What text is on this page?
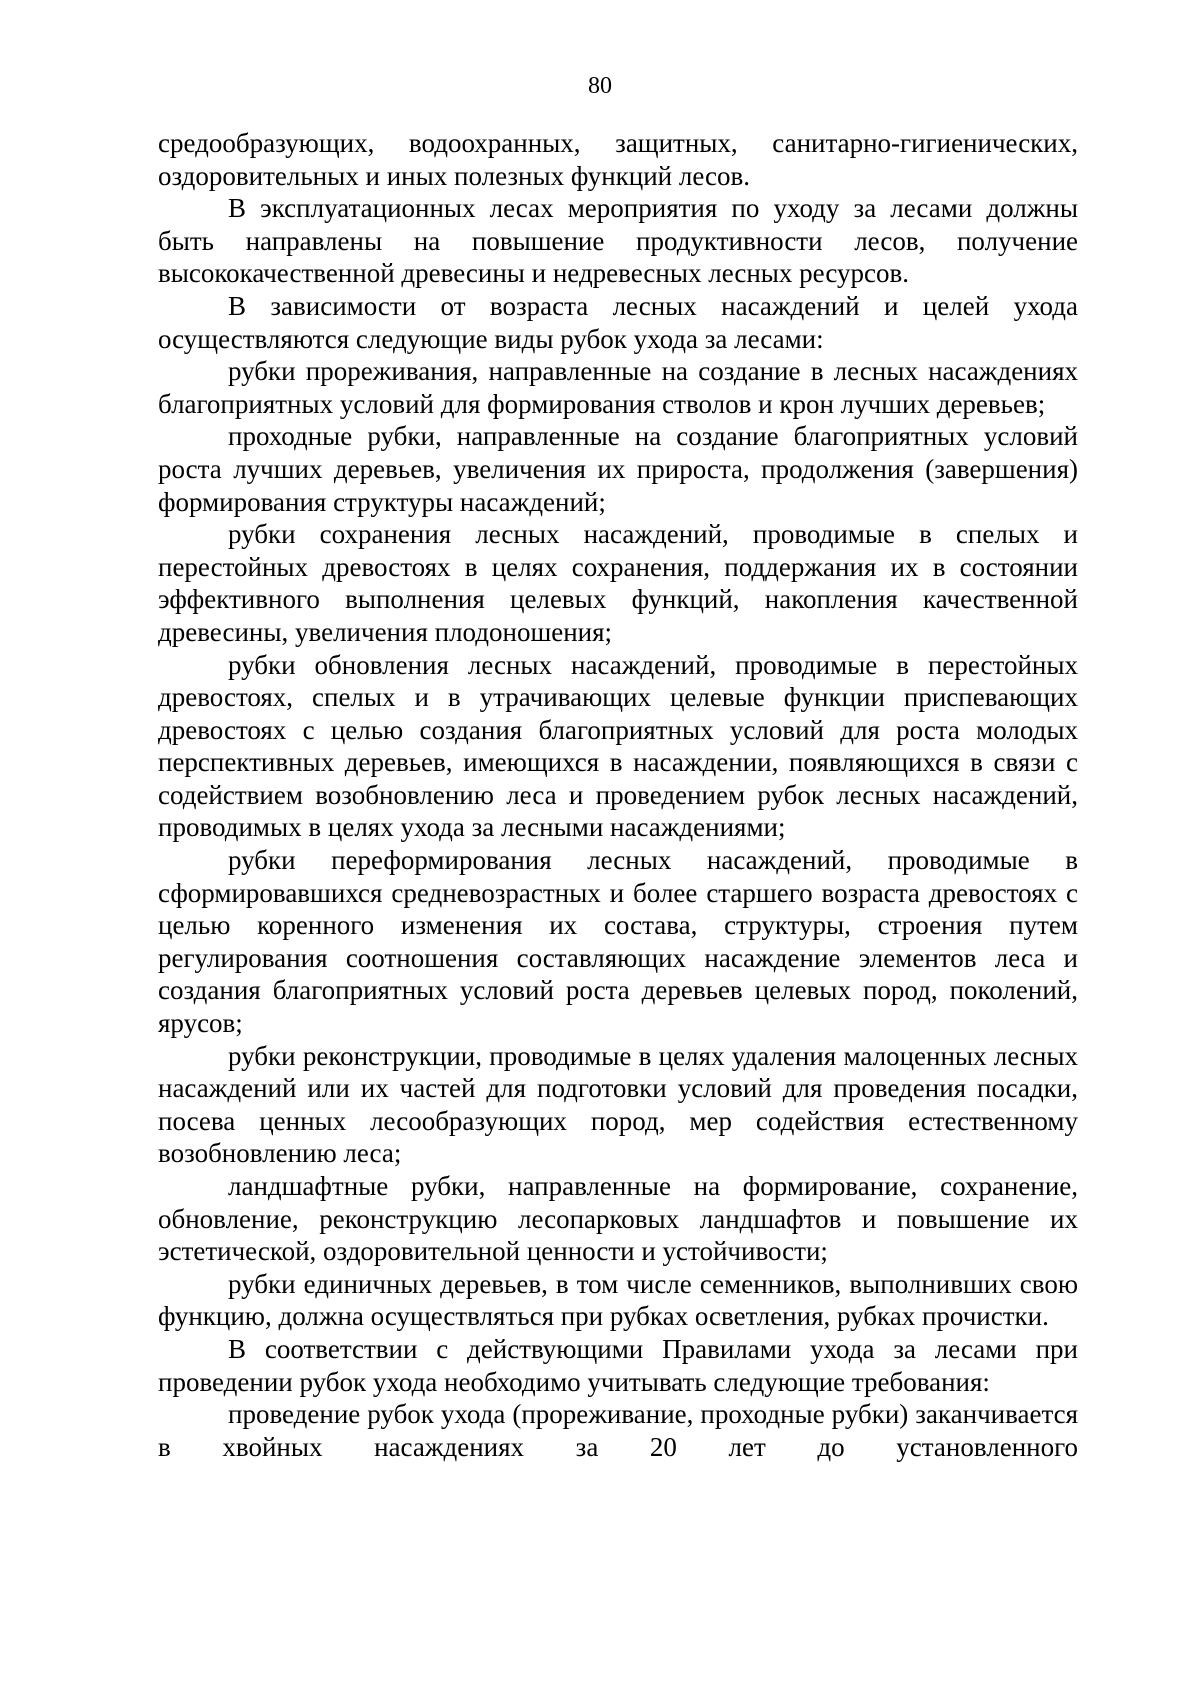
80

средообразующих, водоохранных, защитных, санитарно-гигиенических, оздоровительных и иных полезных функций лесов.

В эксплуатационных лесах мероприятия по уходу за лесами должны быть направлены на повышение продуктивности лесов, получение высококачественной древесины и недревесных лесных ресурсов.

В зависимости от возраста лесных насаждений и целей ухода осуществляются следующие виды рубок ухода за лесами:

рубки прореживания, направленные на создание в лесных насаждениях благоприятных условий для формирования стволов и крон лучших деревьев;

проходные рубки, направленные на создание благоприятных условий роста лучших деревьев, увеличения их прироста, продолжения (завершения) формирования структуры насаждений;

рубки сохранения лесных насаждений, проводимые в спелых и перестойных древостоях в целях сохранения, поддержания их в состоянии эффективного выполнения целевых функций, накопления качественной древесины, увеличения плодоношения;

рубки обновления лесных насаждений, проводимые в перестойных древостоях, спелых и в утрачивающих целевые функции приспевающих древостоях с целью создания благоприятных условий для роста молодых перспективных деревьев, имеющихся в насаждении, появляющихся в связи с содействием возобновлению леса и проведением рубок лесных насаждений, проводимых в целях ухода за лесными насаждениями;

рубки переформирования лесных насаждений, проводимые в сформировавшихся средневозрастных и более старшего возраста древостоях с целью коренного изменения их состава, структуры, строения путем регулирования соотношения составляющих насаждение элементов леса и создания благоприятных условий роста деревьев целевых пород, поколений, ярусов;

рубки реконструкции, проводимые в целях удаления малоценных лесных насаждений или их частей для подготовки условий для проведения посадки, посева ценных лесообразующих пород, мер содействия естественному возобновлению леса;

ландшафтные рубки, направленные на формирование, сохранение, обновление, реконструкцию лесопарковых ландшафтов и повышение их эстетической, оздоровительной ценности и устойчивости;

рубки единичных деревьев, в том числе семенников, выполнивших свою функцию, должна осуществляться при рубках осветления, рубках прочистки.

В соответствии с действующими Правилами ухода за лесами при проведении рубок ухода необходимо учитывать следующие требования:

проведение рубок ухода (прореживание, проходные рубки) заканчивается в хвойных насаждениях за 20 лет до установленного
